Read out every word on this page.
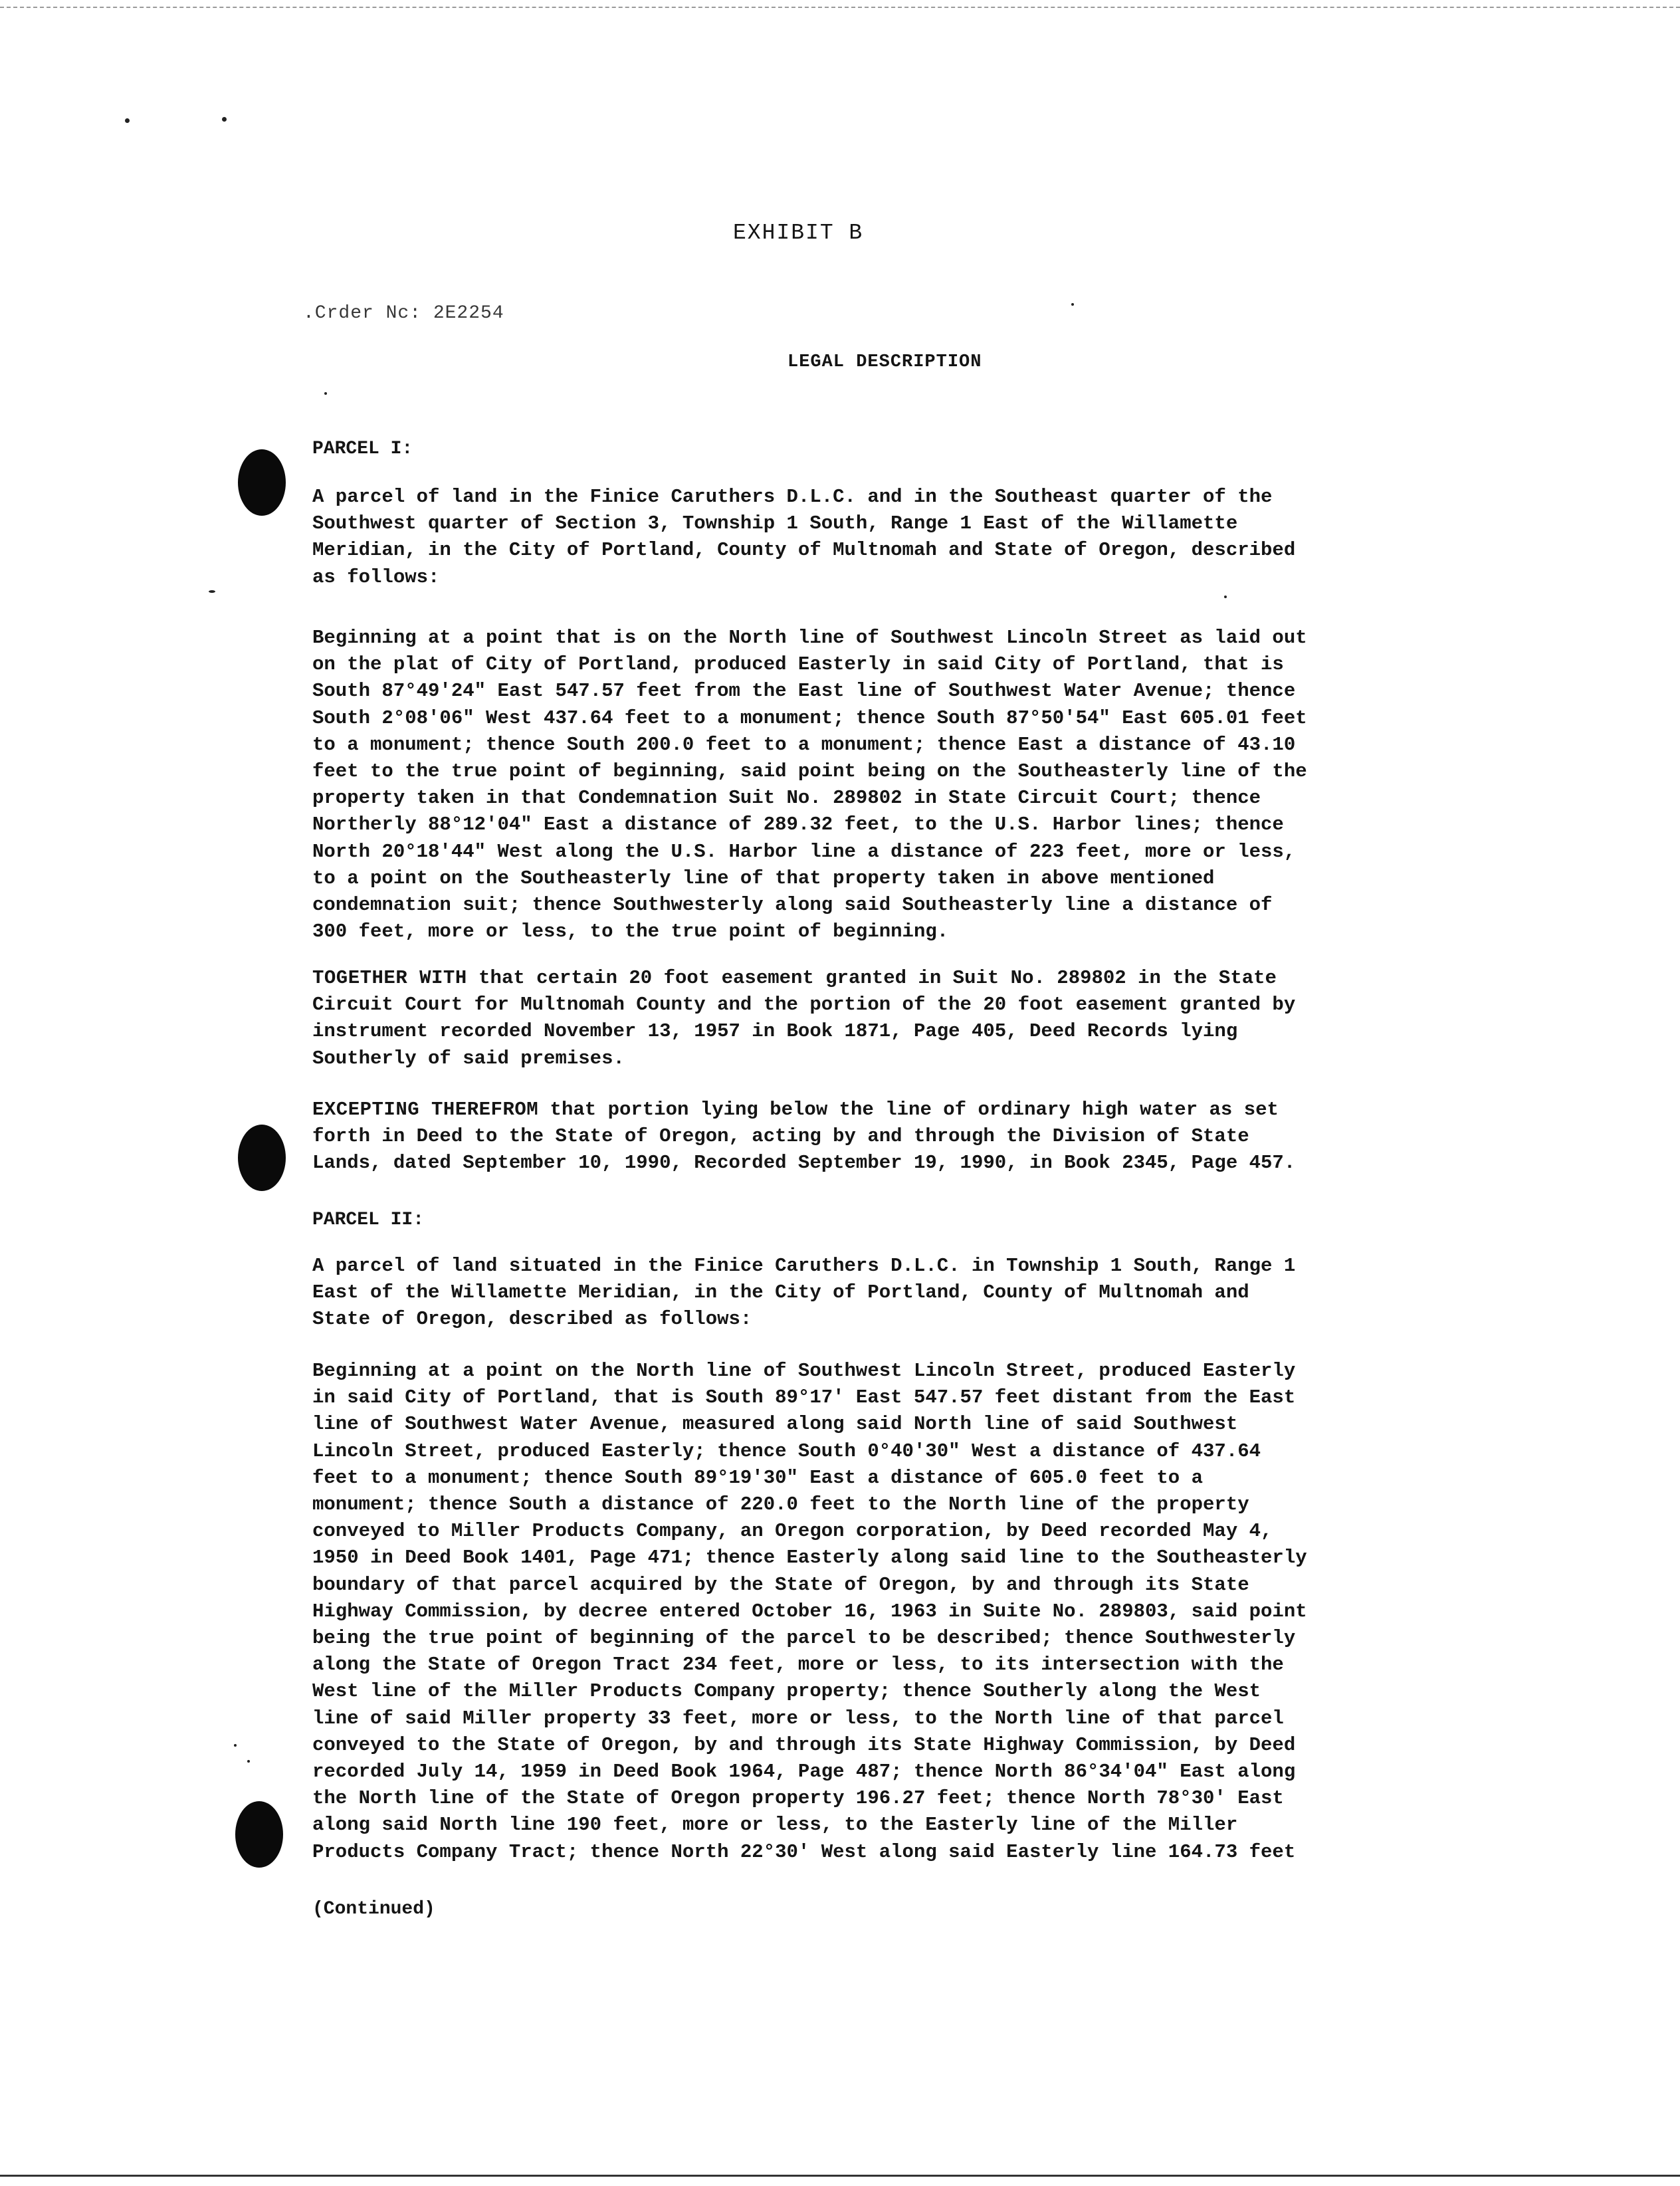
EXHIBIT B
.Crder Nc: 2E2254
LEGAL DESCRIPTION
PARCEL I:
A parcel of land in the Finice Caruthers D.L.C. and in the Southeast quarter of the
Southwest quarter of Section 3, Township 1 South, Range 1 East of the Willamette
Meridian, in the City of Portland, County of Multnomah and State of Oregon, described
as follows:
Beginning at a point that is on the North line of Southwest Lincoln Street as laid out
on the plat of City of Portland, produced Easterly in said City of Portland, that is
South 87°49'24" East 547.57 feet from the East line of Southwest Water Avenue; thence
South 2°08'06" West 437.64 feet to a monument; thence South 87°50'54" East 605.01 feet
to a monument; thence South 200.0 feet to a monument; thence East a distance of 43.10
feet to the true point of beginning, said point being on the Southeasterly line of the
property taken in that Condemnation Suit No. 289802 in State Circuit Court; thence
Northerly 88°12'04" East a distance of 289.32 feet, to the U.S. Harbor lines; thence
North 20°18'44" West along the U.S. Harbor line a distance of 223 feet, more or less,
to a point on the Southeasterly line of that property taken in above mentioned
condemnation suit; thence Southwesterly along said Southeasterly line a distance of
300 feet, more or less, to the true point of beginning.
TOGETHER WITH that certain 20 foot easement granted in Suit No. 289802 in the State
Circuit Court for Multnomah County and the portion of the 20 foot easement granted by
instrument recorded November 13, 1957 in Book 1871, Page 405, Deed Records lying
Southerly of said premises.
EXCEPTING THEREFROM that portion lying below the line of ordinary high water as set
forth in Deed to the State of Oregon, acting by and through the Division of State
Lands, dated September 10, 1990, Recorded September 19, 1990, in Book 2345, Page 457.
PARCEL II:
A parcel of land situated in the Finice Caruthers D.L.C. in Township 1 South, Range 1
East of the Willamette Meridian, in the City of Portland, County of Multnomah and
State of Oregon, described as follows:
Beginning at a point on the North line of Southwest Lincoln Street, produced Easterly
in said City of Portland, that is South 89°17' East 547.57 feet distant from the East
line of Southwest Water Avenue, measured along said North line of said Southwest
Lincoln Street, produced Easterly; thence South 0°40'30" West a distance of 437.64
feet to a monument; thence South 89°19'30" East a distance of 605.0 feet to a
monument; thence South a distance of 220.0 feet to the North line of the property
conveyed to Miller Products Company, an Oregon corporation, by Deed recorded May 4,
1950 in Deed Book 1401, Page 471; thence Easterly along said line to the Southeasterly
boundary of that parcel acquired by the State of Oregon, by and through its State
Highway Commission, by decree entered October 16, 1963 in Suite No. 289803, said point
being the true point of beginning of the parcel to be described; thence Southwesterly
along the State of Oregon Tract 234 feet, more or less, to its intersection with the
West line of the Miller Products Company property; thence Southerly along the West
line of said Miller property 33 feet, more or less, to the North line of that parcel
conveyed to the State of Oregon, by and through its State Highway Commission, by Deed
recorded July 14, 1959 in Deed Book 1964, Page 487; thence North 86°34'04" East along
the North line of the State of Oregon property 196.27 feet; thence North 78°30' East
along said North line 190 feet, more or less, to the Easterly line of the Miller
Products Company Tract; thence North 22°30' West along said Easterly line 164.73 feet
(Continued)
